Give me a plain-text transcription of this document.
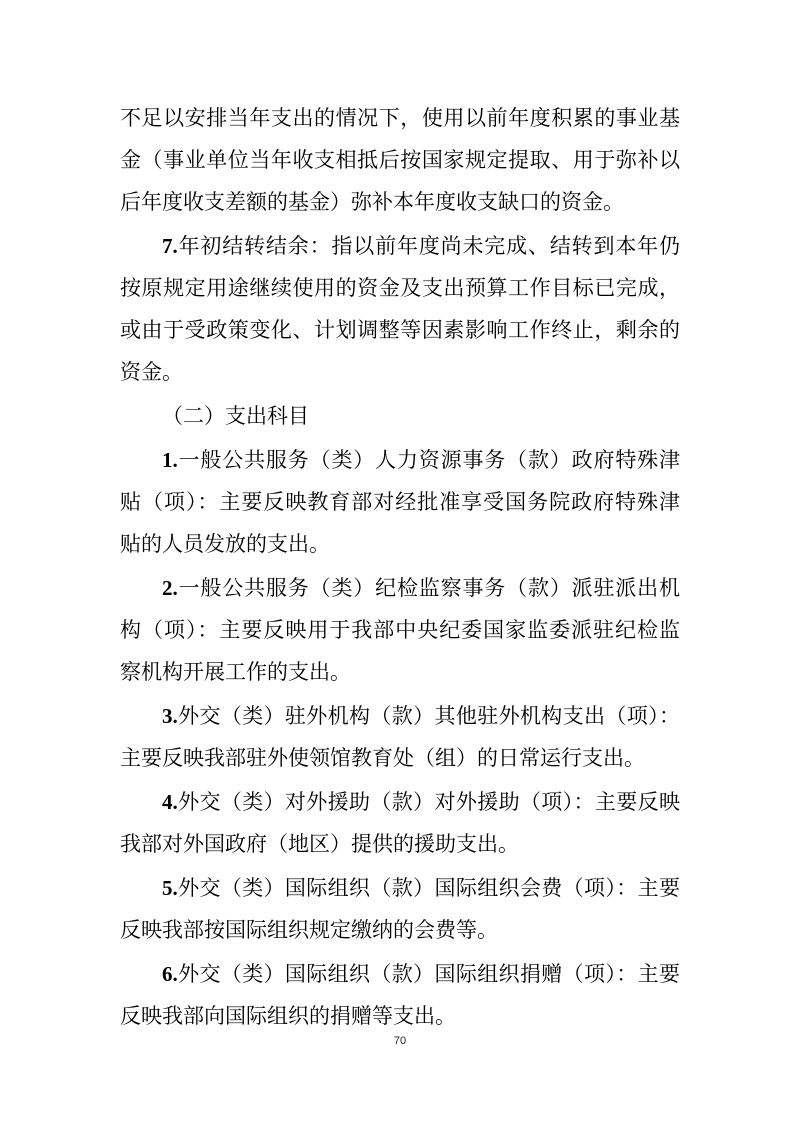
不足以安排当年支出的情况下，使用以前年度积累的事业基
金（事业单位当年收支相抵后按国家规定提取、用于弥补以
后年度收支差额的基金）弥补本年度收支缺口的资金。
7.年初结转结余：指以前年度尚未完成、结转到本年仍
按原规定用途继续使用的资金及支出预算工作目标已完成，
或由于受政策变化、计划调整等因素影响工作终止，剩余的
资金。
（二）支出科目
1.一般公共服务（类）人力资源事务（款）政府特殊津
贴（项）：主要反映教育部对经批准享受国务院政府特殊津
贴的人员发放的支出。
2.一般公共服务（类）纪检监察事务（款）派驻派出机
构（项）：主要反映用于我部中央纪委国家监委派驻纪检监
察机构开展工作的支出。
3.外交（类）驻外机构（款）其他驻外机构支出（项）：
主要反映我部驻外使领馆教育处（组）的日常运行支出。
4.外交（类）对外援助（款）对外援助（项）：主要反映
我部对外国政府（地区）提供的援助支出。
5.外交（类）国际组织（款）国际组织会费（项）：主要
反映我部按国际组织规定缴纳的会费等。
6.外交（类）国际组织（款）国际组织捐赠（项）：主要
反映我部向国际组织的捐赠等支出。
70
